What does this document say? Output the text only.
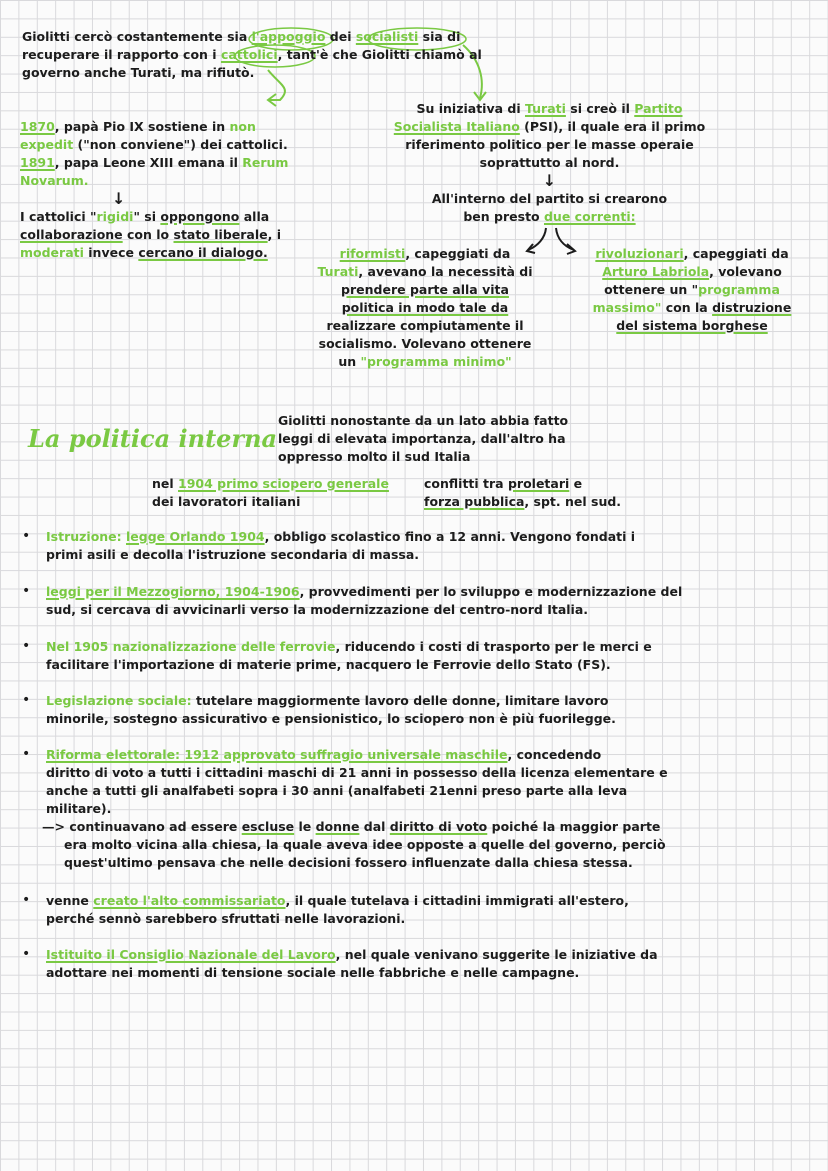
Giolitti cercò costantemente sia l'appoggio dei socialisti sia di
recuperare il rapporto con i cattolici, tant'è che Giolitti chiamò al
governo anche Turati, ma rifiutò.
1870, papà Pio IX sostiene in non
expedit ("non conviene") dei cattolici.
1891, papa Leone XIII emana il Rerum
Novarum.
↓
I cattolici "rigidi" si oppongono alla
collaborazione con lo stato liberale, i
moderati invece cercano il dialogo.
Su iniziativa di Turati si creò il Partito
Socialista Italiano (PSI), il quale era il primo
riferimento politico per le masse operaie
soprattutto al nord.
↓
All'interno del partito si crearono
ben presto due correnti:
riformisti, capeggiati da
Turati, avevano la necessità di
prendere parte alla vita
politica in modo tale da
realizzare compiutamente il
socialismo. Volevano ottenere
un "programma minimo"
rivoluzionari, capeggiati da
Arturo Labriola, volevano
ottenere un "programma
massimo" con la distruzione
del sistema borghese
La politica interna
Giolitti nonostante da un lato abbia fatto
leggi di elevata importanza, dall'altro ha
oppresso molto il sud Italia
nel 1904 primo sciopero generale
dei lavoratori italiani
conflitti tra proletari e
forza pubblica, spt. nel sud.
• Istruzione: legge Orlando 1904, obbligo scolastico fino a 12 anni. Vengono fondati i
primi asili e decolla l'istruzione secondaria di massa.
• leggi per il Mezzogiorno, 1904-1906, provvedimenti per lo sviluppo e modernizzazione del
sud, si cercava di avvicinarli verso la modernizzazione del centro-nord Italia.
• Nel 1905 nazionalizzazione delle ferrovie, riducendo i costi di trasporto per le merci e
facilitare l'importazione di materie prime, nacquero le Ferrovie dello Stato (FS).
• Legislazione sociale: tutelare maggiormente lavoro delle donne, limitare lavoro
minorile, sostegno assicurativo e pensionistico, lo sciopero non è più fuorilegge.
• Riforma elettorale: 1912 approvato suffragio universale maschile, concedendo
diritto di voto a tutti i cittadini maschi di 21 anni in possesso della licenza elementare e
anche a tutti gli analfabeti sopra i 30 anni (analfabeti 21enni preso parte alla leva
militare).
—> continuavano ad essere escluse le donne dal diritto di voto poiché la maggior parte
era molto vicina alla chiesa, la quale aveva idee opposte a quelle del governo, perciò
quest'ultimo pensava che nelle decisioni fossero influenzate dalla chiesa stessa.
• venne creato l'alto commissariato, il quale tutelava i cittadini immigrati all'estero,
perché sennò sarebbero sfruttati nelle lavorazioni.
• Istituito il Consiglio Nazionale del Lavoro, nel quale venivano suggerite le iniziative da
adottare nei momenti di tensione sociale nelle fabbriche e nelle campagne.
